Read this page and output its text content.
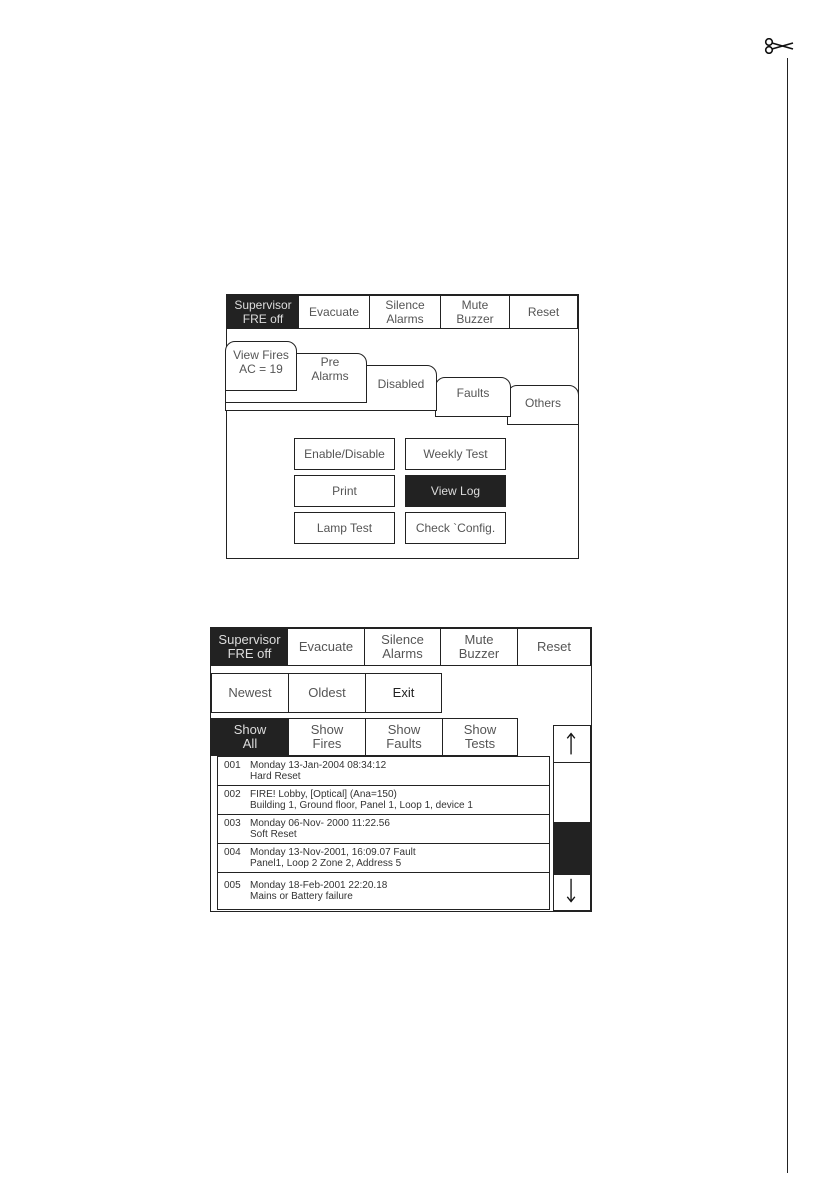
Supervisor
FRE off	Evacuate	Silence
Alarms
Mute
Buzzer	Reset
Others
Faults
Disabled
Pre
Alarms
View Fires
AC = 19
Enable/Disable	Weekly Test
Print	View Log
Lamp Test	Check `Config.
Supervisor
FRE off	Evacuate	Silence
Alarms
Mute
Buzzer	Reset
Newest	Oldest	Exit
Show
All
Show
Fires
Show
Faults
Show
Tests
001 Monday 13-Jan-2004 08:34:12
Hard Reset
002 FIRE! Lobby, [Optical] (Ana=150)
Building 1, Ground floor, Panel 1, Loop 1, device 1
003 Monday 06-Nov- 2000 11:22.56
Soft Reset
004 Monday 13-Nov-2001, 16:09.07 Fault
Panel1, Loop 2 Zone 2, Address 5
005 Monday 18-Feb-2001 22:20.18
Mains or Battery failure
